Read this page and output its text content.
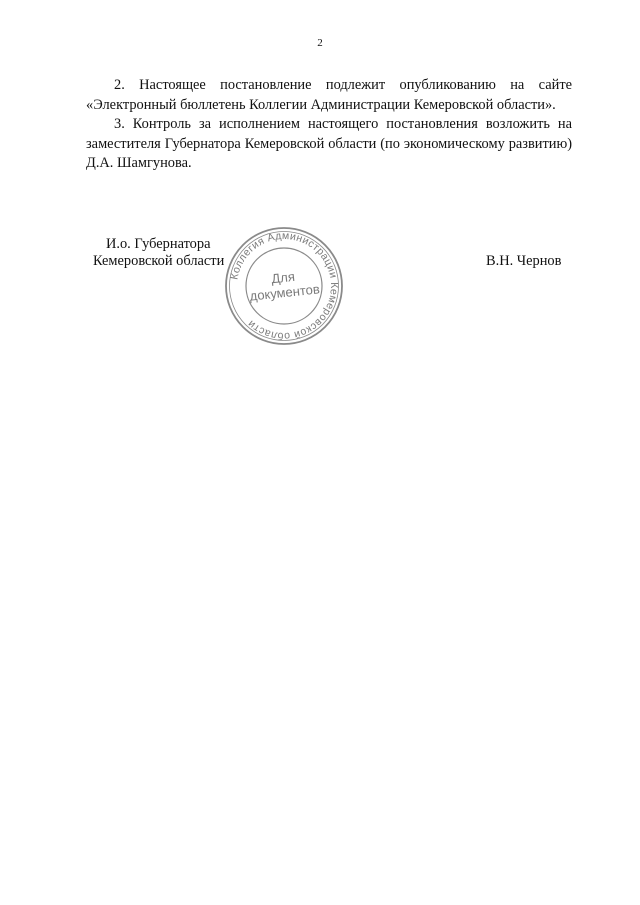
2

2. Настоящее постановление подлежит опубликованию на сайте «Электронный бюллетень Коллегии Администрации Кемеровской области».

3. Контроль за исполнением настоящего постановления возложить на заместителя Губернатора Кемеровской области (по экономическому развитию) Д.А. Шамгунова.

И.о. Губернатора
Кемеровской области	В.Н. Чернов
Коллегия Администрации Кемеровской области
Для
документов
